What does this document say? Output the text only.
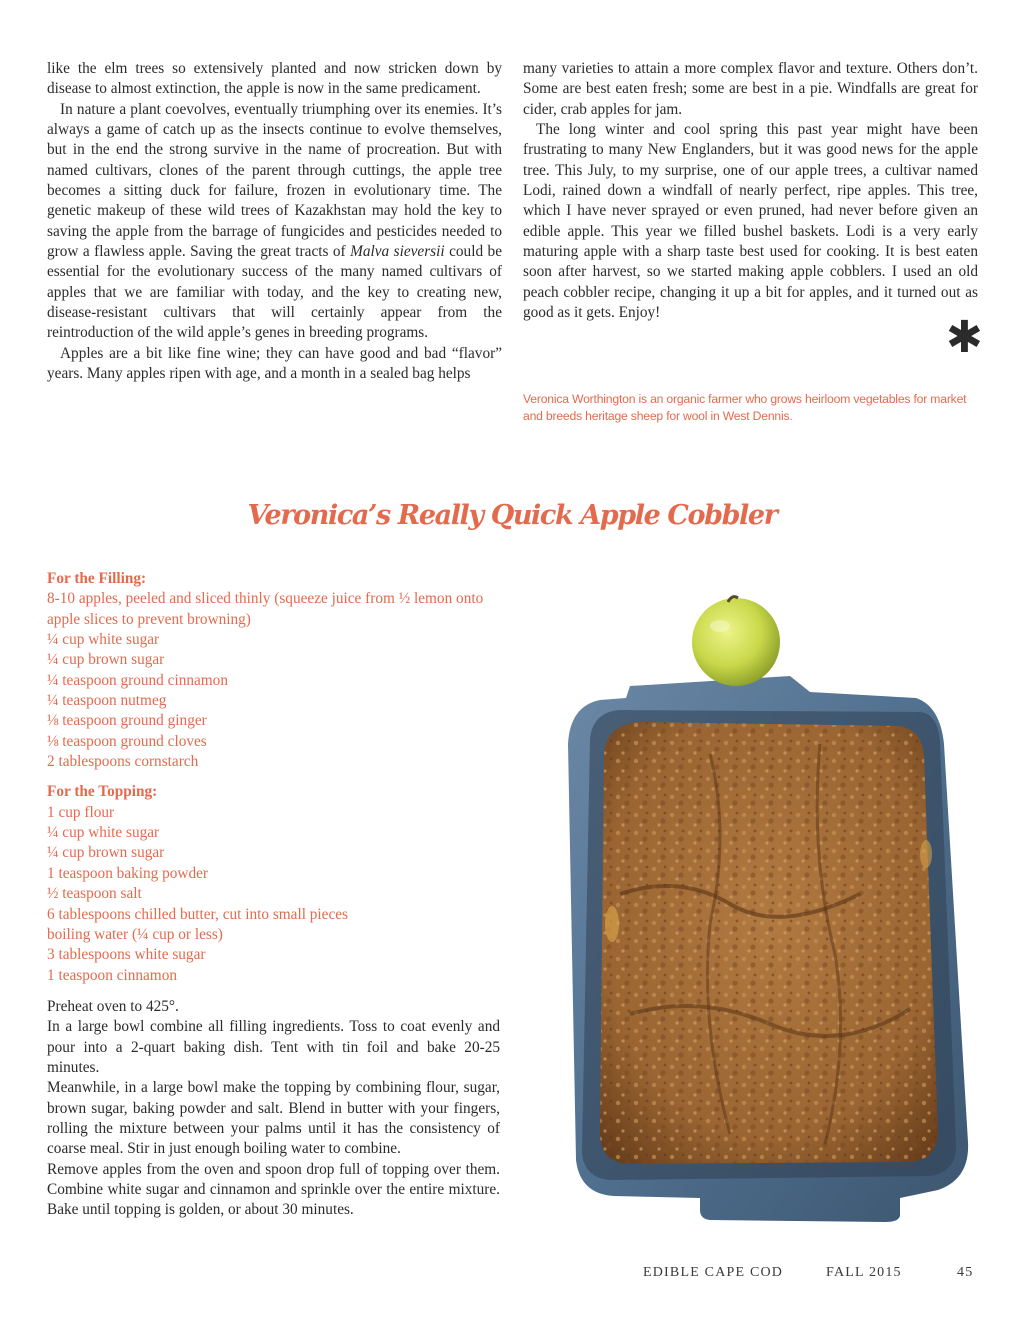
like the elm trees so extensively planted and now stricken down by disease to almost extinction, the apple is now in the same predicament.

In nature a plant coevolves, eventually triumphing over its enemies. It’s always a game of catch up as the insects continue to evolve themselves, but in the end the strong survive in the name of procreation. But with named cultivars, clones of the parent through cuttings, the apple tree becomes a sitting duck for failure, frozen in evolutionary time. The genetic makeup of these wild trees of Kazakhstan may hold the key to saving the apple from the barrage of fungicides and pesticides needed to grow a flawless apple. Saving the great tracts of Malva sieversii could be essential for the evolutionary success of the many named cultivars of apples that we are familiar with today, and the key to creating new, disease-resistant cultivars that will certainly appear from the reintroduction of the wild apple’s genes in breeding programs.

Apples are a bit like fine wine; they can have good and bad “flavor” years. Many apples ripen with age, and a month in a sealed bag helps

many varieties to attain a more complex flavor and texture. Others don’t. Some are best eaten fresh; some are best in a pie. Windfalls are great for cider, crab apples for jam.

The long winter and cool spring this past year might have been frustrating to many New Englanders, but it was good news for the apple tree. This July, to my surprise, one of our apple trees, a cultivar named Lodi, rained down a windfall of nearly perfect, ripe apples. This tree, which I have never sprayed or even pruned, had never before given an edible apple. This year we filled bushel baskets. Lodi is a very early maturing apple with a sharp taste best used for cooking. It is best eaten soon after harvest, so we started making apple cobblers. I used an old peach cobbler recipe, changing it up a bit for apples, and it turned out as good as it gets. Enjoy!	✱
Veronica Worthington is an organic farmer who grows heirloom vegetables for market and breeds heritage sheep for wool in West Dennis.
Veronica’s Really Quick Apple Cobbler
For the Filling:
8-10 apples, peeled and sliced thinly (squeeze juice from ½ lemon onto apple slices to prevent browning)
¼ cup white sugar
¼ cup brown sugar
¼ teaspoon ground cinnamon
¼ teaspoon nutmeg
⅛ teaspoon ground ginger
⅛ teaspoon ground cloves
2 tablespoons cornstarch
For the Topping:
1 cup flour
¼ cup white sugar
¼ cup brown sugar
1 teaspoon baking powder
½ teaspoon salt
6 tablespoons chilled butter, cut into small pieces
boiling water (¼ cup or less)
3 tablespoons white sugar
1 teaspoon cinnamon

Preheat oven to 425°.

In a large bowl combine all filling ingredients. Toss to coat evenly and pour into a 2-quart baking dish. Tent with tin foil and bake 20-25 minutes.

Meanwhile, in a large bowl make the topping by combining flour, sugar, brown sugar, baking powder and salt. Blend in butter with your fingers, rolling the mixture between your palms until it has the consistency of coarse meal. Stir in just enough boiling water to combine.

Remove apples from the oven and spoon drop full of topping over them. Combine white sugar and cinnamon and sprinkle over the entire mixture. Bake until topping is golden, or about 30 minutes.

EDIBLE CAPE COD	FALL 2015	45
